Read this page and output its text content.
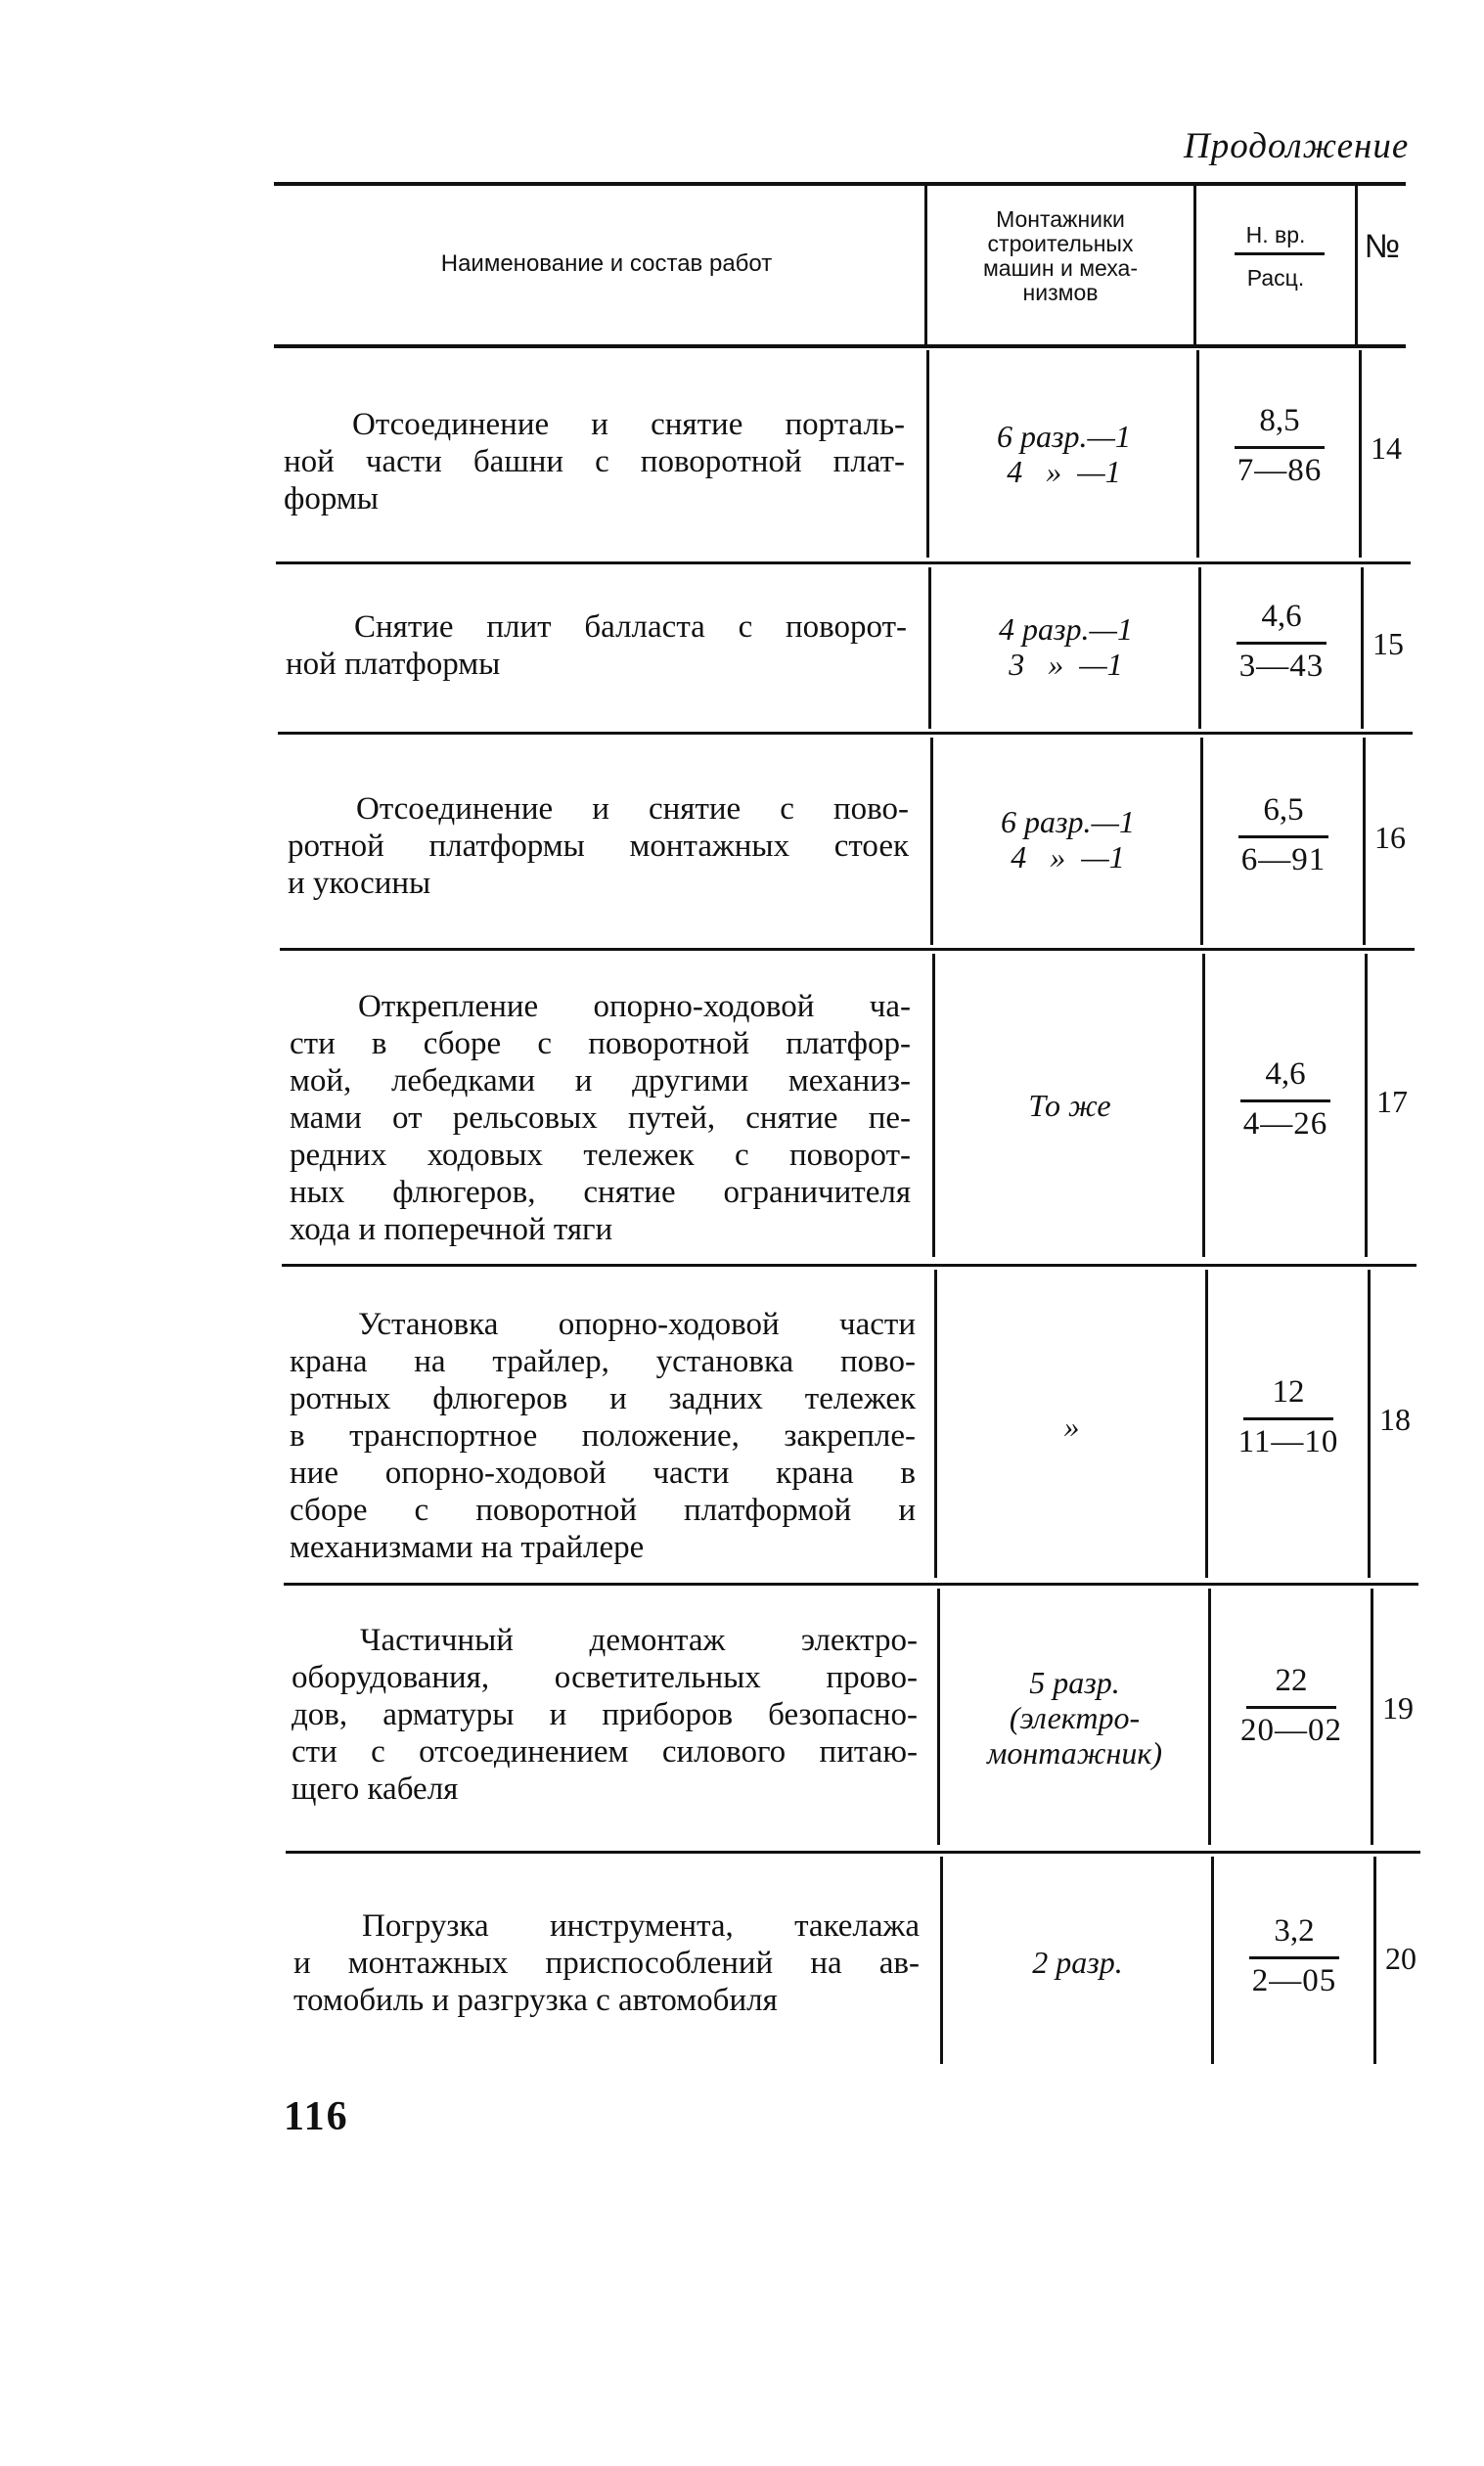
Продолжение
Наименование и состав работ
Монтажники
строительных
машин и меха-
низмов
Н. вр.
Расц.
№
Отсоединение и снятие порталь-
ной части башни с поворотной плат-
формы
6 разр.—1
4   »  —1
8,5
7—86
14
Снятие плит балласта с поворот-
ной платформы
4 разр.—1
3   »  —1
4,6
3—43
15
Отсоединение и снятие с пово-
ротной платформы монтажных стоек
и укосины
6 разр.—1
4   »  —1
6,5
6—91
16
Открепление опорно-ходовой ча-
сти в сборе с поворотной платфор-
мой, лебедками и другими механиз-
мами от рельсовых путей, снятие пе-
редних ходовых тележек с поворот-
ных флюгеров, снятие ограничителя
хода и поперечной тяги
То же
4,6
4—26
17
Установка опорно-ходовой части
крана на трайлер, установка пово-
ротных флюгеров и задних тележек
в транспортное положение, закрепле-
ние опорно-ходовой части крана в
сборе с поворотной платформой и
механизмами на трайлере
»
12
11—10
18
Частичный демонтаж электро-
оборудования, осветительных прово-
дов, арматуры и приборов безопасно-
сти с отсоединением силового питаю-
щего кабеля
5 разр.
(электро-
монтажник)
22
20—02
19
Погрузка инструмента, такелажа
и монтажных приспособлений на ав-
томобиль и разгрузка с автомобиля
2 разр.
3,2
2—05
20
116
